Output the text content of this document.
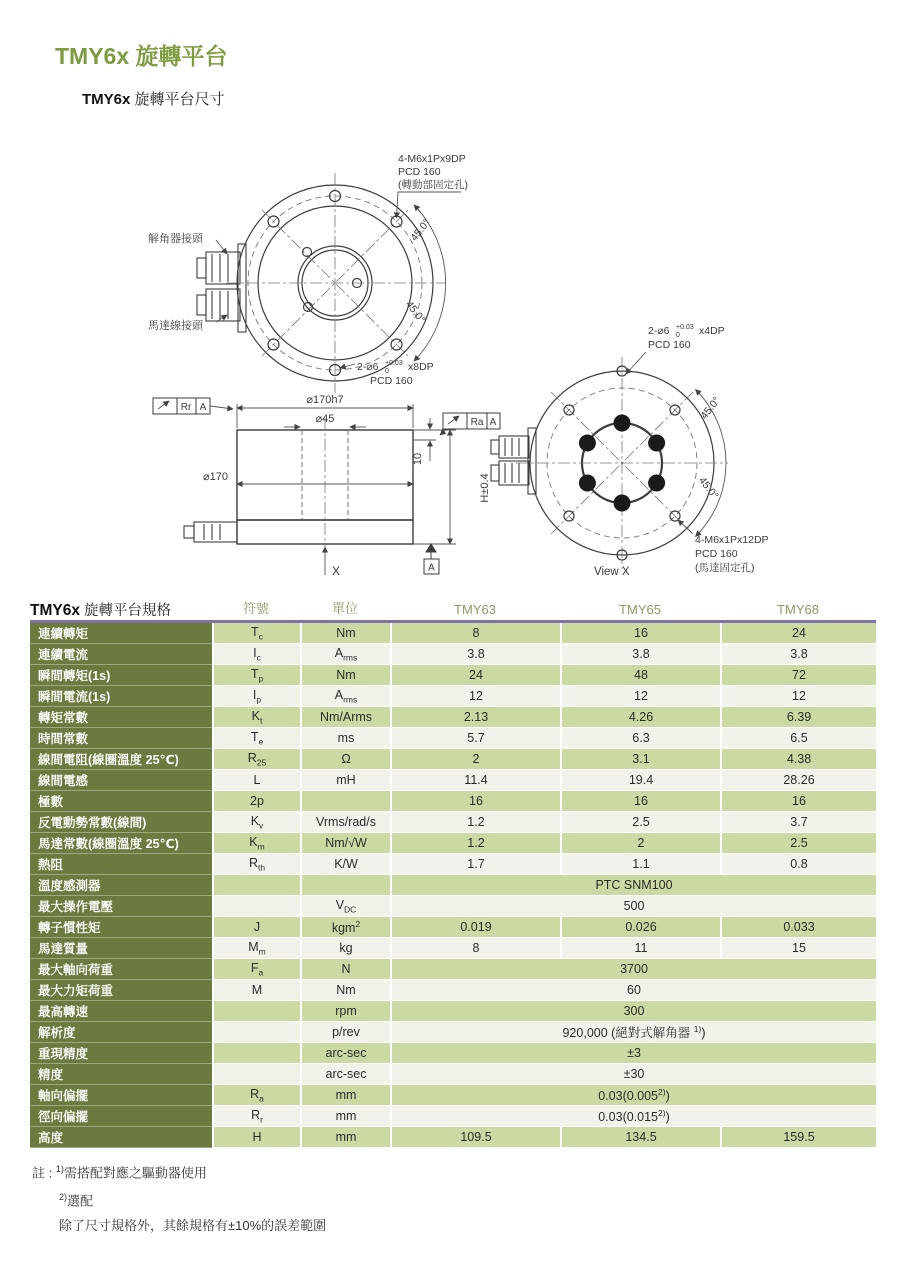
TMY6x 旋轉平台
TMY6x 旋轉平台尺寸
解角器接頭
馬達線接頭
4-M6x1Px9DP
PCD 160
(轉動部固定孔)
2-⌀6 +0.03
0 x8DP
PCD 160
45.0°
45.0°
⌀170h7
⌀45
⌀170
10
H±0.4
Rr A
Ra A
A
X
2-⌀6 +0.03
0 x4DP
PCD 160
4-M6x1Px12DP
PCD 160
(馬達固定孔)
View X
45.0°
45.0°
TMY6x 旋轉平台規格	符號	單位	TMY63	TMY65	TMY68
連續轉矩	$T_c$	Nm	8	16	24
連續電流	$I_c$	$A_{rms}$	3.8	3.8	3.8
瞬間轉矩(1s)	$T_p$	Nm	24	48	72
瞬間電流(1s)	$I_p$	$A_{rms}$	12	12	12
轉矩常數	$K_t$	Nm/Arms	2.13	4.26	6.39
時間常數	$T_e$	ms	5.7	6.3	6.5
線間電阻(線圈溫度 25℃)	$R_{25}$	Ω	2	3.1	4.38
線間電感	L	mH	11.4	19.4	28.26
極數	2p		16	16	16
反電動勢常數(線間)	$K_v$	Vrms/rad/s	1.2	2.5	3.7
馬達常數(線圈溫度 25℃)	$K_m$	Nm/√W	1.2	2	2.5
熱阻	$R_{th}$	K/W	1.7	1.1	0.8
溫度感測器			PTC SNM100		
最大操作電壓		$V_{DC}$	500		
轉子慣性矩	J	kgm$^2$	0.019	0.026	0.033
馬達質量	$M_m$	kg	8	11	15
最大軸向荷重	$F_a$	N	3700		
最大力矩荷重	M	Nm	60		
最高轉速		rpm	300		
解析度		p/rev	920,000 (絕對式解角器 $^{1)}$)		
重現精度		arc-sec	±3		
精度		arc-sec	±30		
軸向偏擺	$R_a$	mm	0.03(0.005$^{2)}$)		
徑向偏擺	$R_r$	mm	0.03(0.015$^{2)}$)		
高度	H	mm	109.5	134.5	159.5
註 : $^{1)}$需搭配對應之驅動器使用
$^{2)}$選配
除了尺寸規格外，其餘規格有±10%的誤差範圍
